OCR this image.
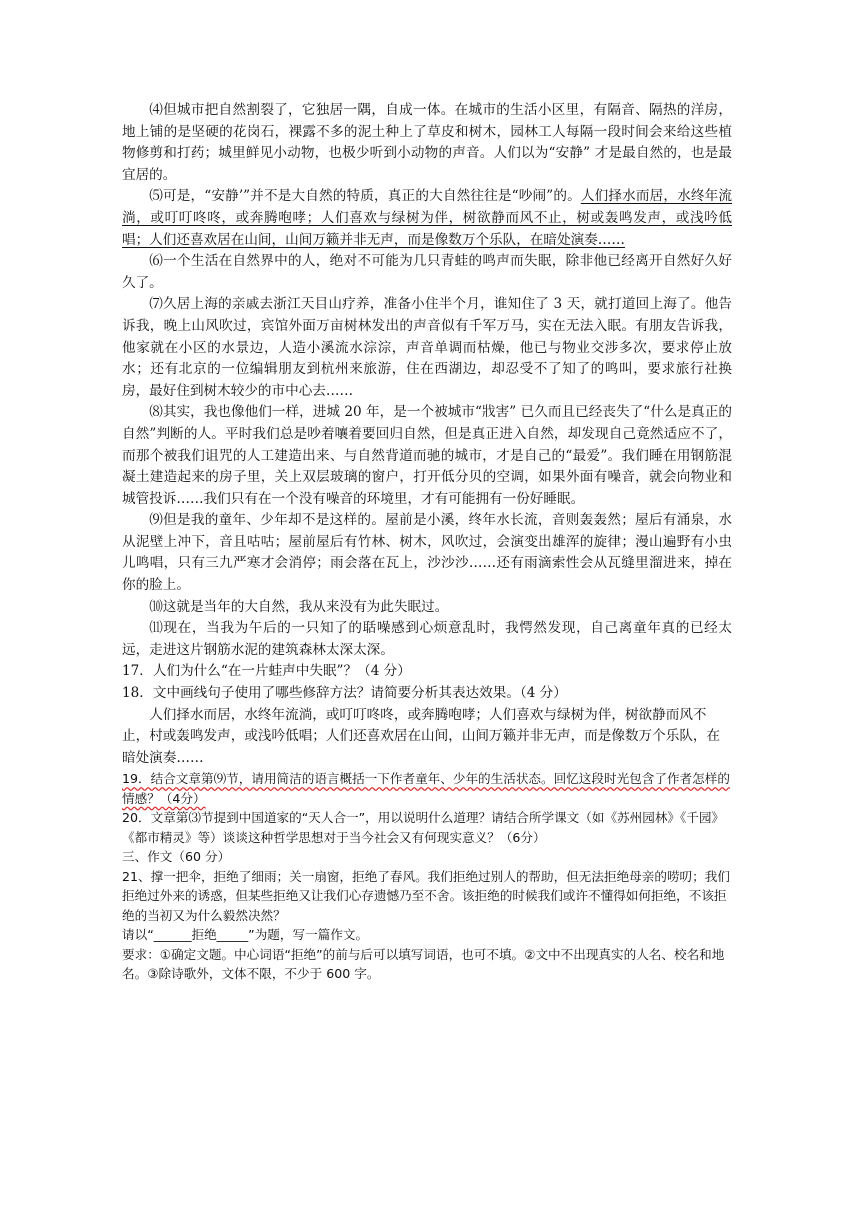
⑷但城市把自然割裂了，它独居一隅，自成一体。在城市的生活小区里，有隔音、隔热的洋房，地上铺的是坚硬的花岗石，裸露不多的泥土种上了草皮和树木，园林工人每隔一段时间会来给这些植物修剪和打药；城里鲜见小动物，也极少听到小动物的声音。人们以为“安静” 才是最自然的，也是最宜居的。

⑸可是，“安静’”并不是大自然的特质，真正的大自然往往是“吵闹”的。人们择水而居，水终年流淌，或叮叮咚咚，或奔腾咆哮；人们喜欢与绿树为伴，树欲静而风不止，树或轰鸣发声，或浅吟低唱；人们还喜欢居在山间，山间万籁并非无声，而是像数万个乐队，在暗处演奏……

⑹一个生活在自然界中的人，绝对不可能为几只青蛙的鸣声而失眠，除非他已经离开自然好久好久了。

⑺久居上海的亲戚去浙江天目山疗养，准备小住半个月，谁知住了 3 天，就打道回上海了。他告诉我，晚上山风吹过，宾馆外面万亩树林发出的声音似有千军万马，实在无法入眠。有朋友告诉我，他家就在小区的水景边，人造小溪流水淙淙，声音单调而枯燥，他已与物业交涉多次，要求停止放水；还有北京的一位编辑朋友到杭州来旅游，住在西湖边，却忍受不了知了的鸣叫，要求旅行社换房，最好住到树木较少的市中心去……

⑻其实，我也像他们一样，进城 20 年，是一个被城市“戕害” 已久而且已经丧失了“什么是真正的自然”判断的人。平时我们总是吵着嚷着要回归自然，但是真正进入自然，却发现自己竟然适应不了，而那个被我们诅咒的人工建造出来、与自然背道而驰的城市，才是自己的“最爱”。我们睡在用钢筋混凝土建造起来的房子里，关上双层玻璃的窗户，打开低分贝的空调，如果外面有噪音，就会向物业和城管投诉……我们只有在一个没有噪音的环境里，才有可能拥有一份好睡眠。

⑼但是我的童年、少年却不是这样的。屋前是小溪，终年水长流，音则轰轰然；屋后有涌泉，水从泥壁上冲下，音且咕咕；屋前屋后有竹林、树木，风吹过，会演变出雄浑的旋律；漫山遍野有小虫儿鸣唱，只有三九严寒才会消停；雨会落在瓦上，沙沙沙……还有雨滴索性会从瓦缝里溜进来，掉在你的脸上。

⑽这就是当年的大自然，我从来没有为此失眠过。

⑾现在，当我为午后的一只知了的聒噪感到心烦意乱时，我愕然发现，自己离童年真的已经太远，走进这片钢筋水泥的建筑森林太深太深。

17．人们为什么“在一片蛙声中失眠”？（4 分）

18．文中画线句子使用了哪些修辞方法？请简要分析其表达效果。（4 分）

人们择水而居，水终年流淌，或叮叮咚咚，或奔腾咆哮；人们喜欢与绿树为伴，树欲静而风不止，村或轰鸣发声，或浅吟低唱；人们还喜欢居在山间，山间万籁并非无声，而是像数万个乐队，在暗处演奏……

19．结合文章第⑼节，请用简洁的语言概括一下作者童年、少年的生活状态。回忆这段时光包含了作者怎样的情感？（4分）

20．文章第⑶节提到中国道家的“天人合一”，用以说明什么道理？请结合所学课文（如《苏州园林》《千园》《都市精灵》等）谈谈这种哲学思想对于当今社会又有何现实意义？（6分）

三、作文（60 分）

21、撑一把伞，拒绝了细雨；关一扇窗，拒绝了春风。我们拒绝过别人的帮助，但无法拒绝母亲的唠叨；我们拒绝过外来的诱惑，但某些拒绝又让我们心存遗憾乃至不舍。该拒绝的时候我们或许不懂得如何拒绝，不该拒绝的当初又为什么毅然决然？

请以“______拒绝_____”为题，写一篇作文。

要求：①确定文题。中心词语“拒绝”的前与后可以填写词语，也可不填。②文中不出现真实的人名、校名和地名。③除诗歌外，文体不限，不少于 600 字。
